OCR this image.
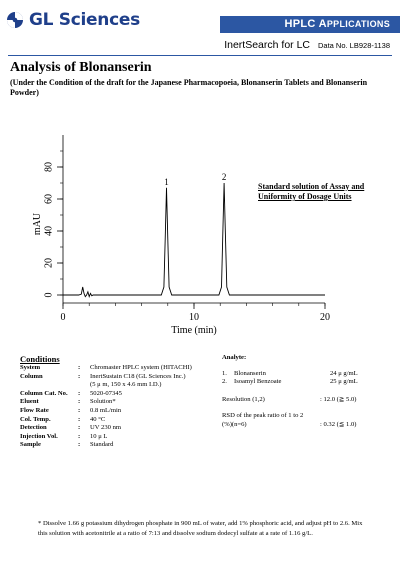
GL Sciences	HPLC APPLICATIONS
InertSearch for LC Data No. LB928-1138
Analysis of Blonanserin
(Under the Condition of the draft for the Japanese Pharmacopoeia, Blonanserin Tablets and Blonanserin Powder)
0	10	20
0
20
40
60
80
1	2
Time (min)
mAU
Standard solution of Assay and
Uniformity of Dosage Units
Conditions
System	:	Chromaster HPLC system (HITACHI)
Column	:	InertSustain C18 (GL Sciences Inc.)
		(5 μ m, 150 x 4.6 mm I.D.)
Column Cat. No.	:	5020-07345
Eluent	:	Solution*
Flow Rate	:	0.8 mL/min
Col. Temp.	:	40 °C
Detection	:	UV 230 nm
Injection Vol.	:	10 μ L
Sample	:	Standard
Analyte:
1.	Blonanserin	24 μ g/mL
2.	Isoamyl Benzoate	25 μ g/mL
Resolution (1,2)	: 12.0 (≧ 5.0)
RSD of the peak ratio of 1 to 2
(%)(n=6)	: 0.32 (≦ 1.0)
* Dissolve 1.66 g potassium dihydrogen phosphate in 900 mL of water, add 1% phosphoric acid, and adjust pH to 2.6. Mix this solution with acetonitrile at a ratio of 7:13 and dissolve sodium dodecyl sulfate at a rate of 1.16 g/L.
